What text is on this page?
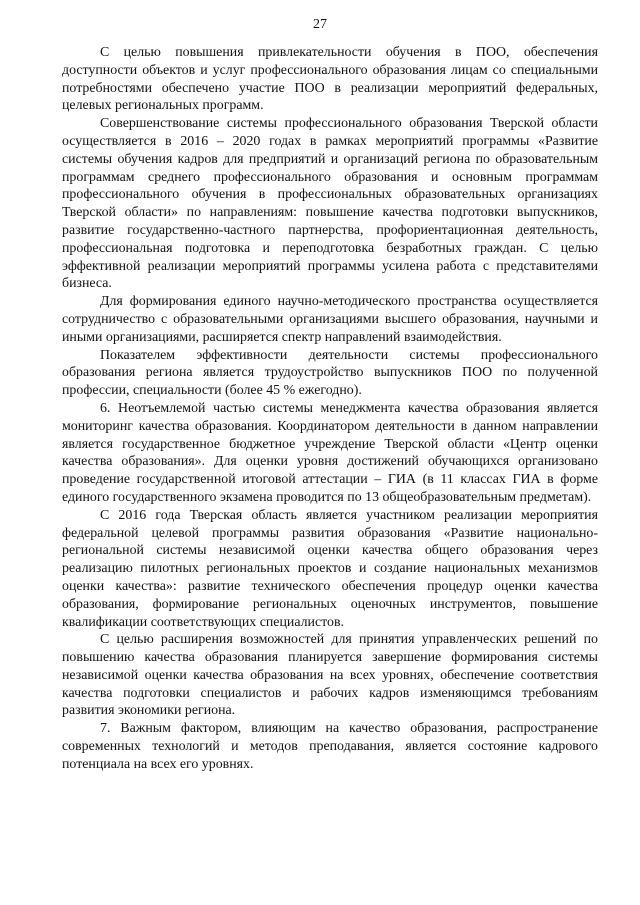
27

С целью повышения привлекательности обучения в ПОО, обеспечения доступности объектов и услуг профессионального образования лицам со специальными потребностями обеспечено участие ПОО в реализации мероприятий федеральных, целевых региональных программ.

Совершенствование системы профессионального образования Тверской области осуществляется в 2016 – 2020 годах в рамках мероприятий программы «Развитие системы обучения кадров для предприятий и организаций региона по образовательным программам среднего профессионального образования и основным программам профессионального обучения в профессиональных образовательных организациях Тверской области» по направлениям: повышение качества подготовки выпускников, развитие государственно-частного партнерства, профориентационная деятельность, профессиональная подготовка и переподготовка безработных граждан. С целью эффективной реализации мероприятий программы усилена работа с представителями бизнеса.

Для формирования единого научно-методического пространства осуществляется сотрудничество с образовательными организациями высшего образования, научными и иными организациями, расширяется спектр направлений взаимодействия.

Показателем эффективности деятельности системы профессионального образования региона является трудоустройство выпускников ПОО по полученной профессии, специальности (более 45 % ежегодно).

6. Неотъемлемой частью системы менеджмента качества образования является мониторинг качества образования. Координатором деятельности в данном направлении является государственное бюджетное учреждение Тверской области «Центр оценки качества образования». Для оценки уровня достижений обучающихся организовано проведение государственной итоговой аттестации – ГИА (в 11 классах ГИА в форме единого государственного экзамена проводится по 13 общеобразовательным предметам).

С 2016 года Тверская область является участником реализации мероприятия федеральной целевой программы развития образования «Развитие национально-региональной системы независимой оценки качества общего образования через реализацию пилотных региональных проектов и создание национальных механизмов оценки качества»: развитие технического обеспечения процедур оценки качества образования, формирование региональных оценочных инструментов, повышение квалификации соответствующих специалистов.

С целью расширения возможностей для принятия управленческих решений по повышению качества образования планируется завершение формирования системы независимой оценки качества образования на всех уровнях, обеспечение соответствия качества подготовки специалистов и рабочих кадров изменяющимся требованиям развития экономики региона.

7. Важным фактором, влияющим на качество образования, распространение современных технологий и методов преподавания, является состояние кадрового потенциала на всех его уровнях.
